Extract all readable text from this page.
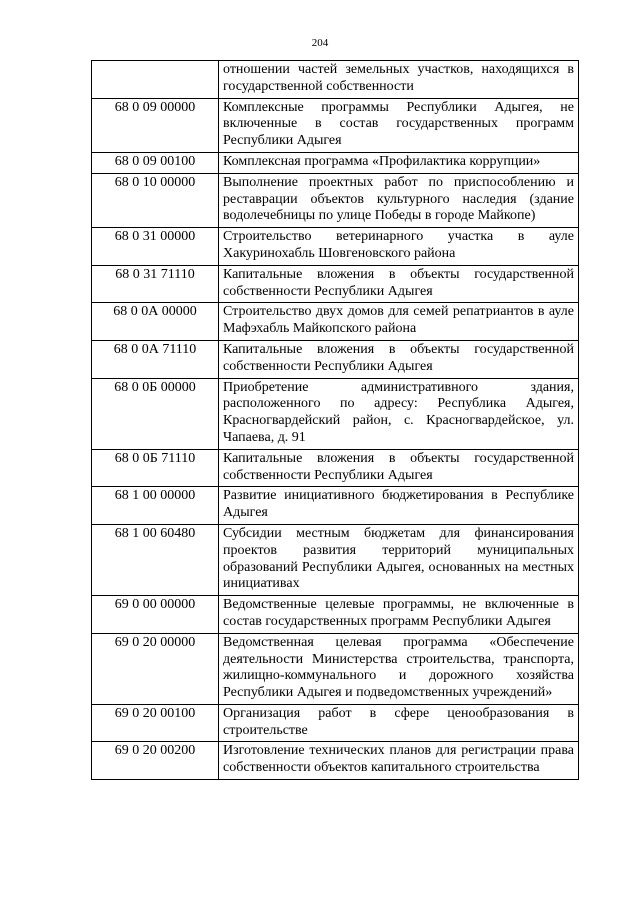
204
	отношении частей земельных участков, находящихся в государственной собственности
68 0 09 00000	Комплексные программы Республики Адыгея, не включенные в состав государственных программ Республики Адыгея
68 0 09 00100	Комплексная программа «Профилактика коррупции»
68 0 10 00000	Выполнение проектных работ по приспособлению и реставрации объектов культурного наследия (здание водолечебницы по улице Победы в городе Майкопе)
68 0 31 00000	Строительство ветеринарного участка в ауле Хакуринохабль Шовгеновского района
68 0 31 71110	Капитальные вложения в объекты государственной собственности Республики Адыгея
68 0 0А 00000	Строительство двух домов для семей репатриантов в ауле Мафэхабль Майкопского района
68 0 0А 71110	Капитальные вложения в объекты государственной собственности Республики Адыгея
68 0 0Б 00000	Приобретение административного здания, расположенного по адресу: Республика Адыгея, Красногвардейский район, с. Красногвардейское, ул. Чапаева, д. 91
68 0 0Б 71110	Капитальные вложения в объекты государственной собственности Республики Адыгея
68 1 00 00000	Развитие инициативного бюджетирования в Республике Адыгея
68 1 00 60480	Субсидии местным бюджетам для финансирования проектов развития территорий муниципальных образований Республики Адыгея, основанных на местных инициативах
69 0 00 00000	Ведомственные целевые программы, не включенные в состав государственных программ Республики Адыгея
69 0 20 00000	Ведомственная целевая программа «Обеспечение деятельности Министерства строительства, транспорта, жилищно-коммунального и дорожного хозяйства Республики Адыгея и подведомственных учреждений»
69 0 20 00100	Организация работ в сфере ценообразования в строительстве
69 0 20 00200	Изготовление технических планов для регистрации права собственности объектов капитального строительства
